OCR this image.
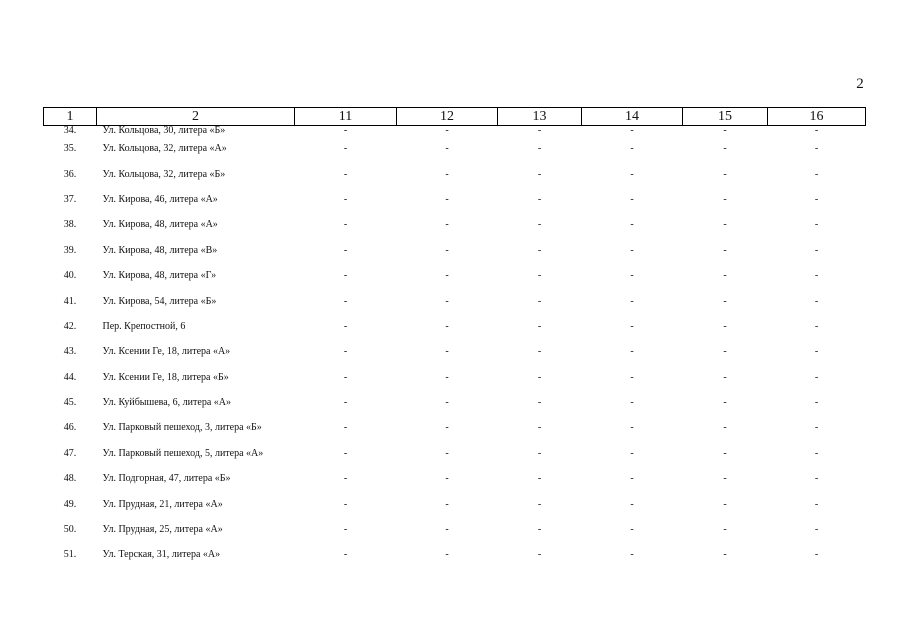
2
1	2	11	12	13	14	15	16
34.	Ул. Кольцова, 30, литера «Б»	-	-	-	-	-	-
35.	Ул. Кольцова, 32, литера «А»	-	-	-	-	-	-
36.	Ул. Кольцова, 32, литера «Б»	-	-	-	-	-	-
37.	Ул. Кирова, 46, литера «А»	-	-	-	-	-	-
38.	Ул. Кирова, 48, литера «А»	-	-	-	-	-	-
39.	Ул. Кирова, 48, литера «В»	-	-	-	-	-	-
40.	Ул. Кирова, 48, литера «Г»	-	-	-	-	-	-
41.	Ул. Кирова, 54, литера «Б»	-	-	-	-	-	-
42.	Пер. Крепостной, 6	-	-	-	-	-	-
43.	Ул. Ксении Ге, 18, литера «А»	-	-	-	-	-	-
44.	Ул. Ксении Ге, 18, литера «Б»	-	-	-	-	-	-
45.	Ул. Куйбышева, 6, литера «А»	-	-	-	-	-	-
46.	Ул. Парковый пешеход, 3, литера «Б»	-	-	-	-	-	-
47.	Ул. Парковый пешеход, 5, литера «А»	-	-	-	-	-	-
48.	Ул. Подгорная, 47, литера «Б»	-	-	-	-	-	-
49.	Ул. Прудная, 21, литера «А»	-	-	-	-	-	-
50.	Ул. Прудная, 25, литера «А»	-	-	-	-	-	-
51.	Ул. Терская, 31, литера «А»	-	-	-	-	-	-
